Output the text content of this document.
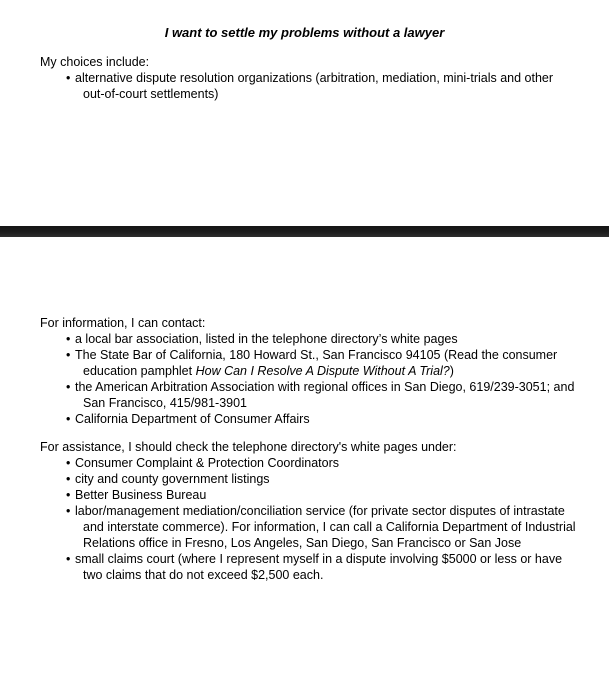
I want to settle my problems without a lawyer

My choices include:

• alternative dispute resolution organizations (arbitration, mediation, mini-trials and other out-of-court settlements)

For information, I can contact:

• a local bar association, listed in the telephone directory’s white pages
• The State Bar of California, 180 Howard St., San Francisco 94105 (Read the consumer education pamphlet How Can I Resolve A Dispute Without A Trial?)
• the American Arbitration Association with regional offices in San Diego, 619/239-3051; and San Francisco, 415/981-3901
• California Department of Consumer Affairs

For assistance, I should check the telephone directory's white pages under:

• Consumer Complaint & Protection Coordinators
• city and county government listings
• Better Business Bureau
• labor/management mediation/conciliation service (for private sector disputes of intrastate and interstate commerce). For information, I can call a California Department of Industrial Relations office in Fresno, Los Angeles, San Diego, San Francisco or San Jose
• small claims court (where I represent myself in a dispute involving $5000 or less or have two claims that do not exceed $2,500 each.
